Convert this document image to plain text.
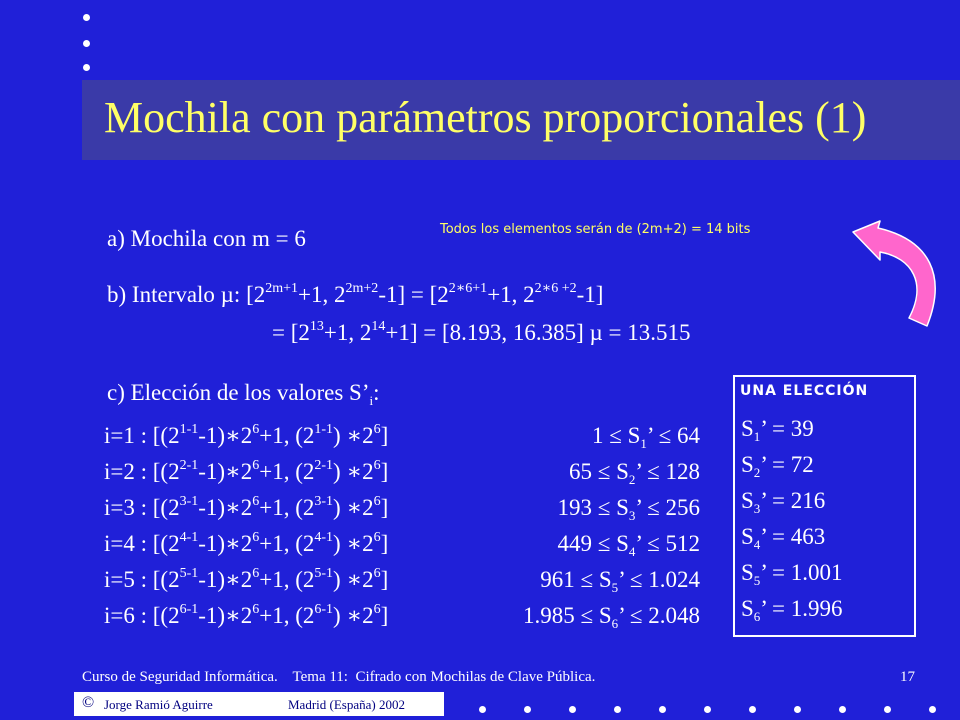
Mochila con parámetros proporcionales (1)
a) Mochila con m = 6	Todos los elementos serán de (2m+2) = 14 bits
b) Intervalo µ: [$2^{2m+1}+1$, $2^{2m+2}-1] = [2^{2∗6+1}+1$, $2^{2∗6 +2}-1$]
= [$2^{13}+1$, $2^{14}+1] = [8.193$, 16.385] µ = 13.515
c) Elección de los valores $S’_i$:
i=1 : [$(2^{1-1}-1)∗2^6+1$, (2$^{1-1}$) $∗2^6$]	$1 \le S_1$’ ≤ 64
i=2 : [$(2^{2-1}-1)∗2^6+1$, (2$^{2-1}$) $∗2^6$]	$65 \le S_2$’ ≤ 128
i=3 : [$(2^{3-1}-1)∗2^6+1$, (2$^{3-1}$) $∗2^6$]	$193 \le S_3$’ ≤ 256
i=4 : [$(2^{4-1}-1)∗2^6+1$, (2$^{4-1}$) $∗2^6$]	$449 \le S_4$’ ≤ 512
i=5 : [$(2^{5-1}-1)∗2^6+1$, (2$^{5-1}$) $∗2^6$]	$961 \le S_5$’ ≤ 1.024
i=6 : [$(2^{6-1}-1)∗2^6+1$, (2$^{6-1}$) $∗2^6$]	$1.985 \le S_6$’ ≤ 2.048
UNA ELECCIÓN
$S_1$’ = 39
$S_2$’ = 72
$S_3$’ = 216
$S_4$’ = 463
$S_5$’ = 1.001
$S_6$’ = 1.996
Curso de Seguridad Informática.    Tema 11:  Cifrado con Mochilas de Clave Pública.	17
© Jorge Ramió Aguirre	Madrid (España) 2002
